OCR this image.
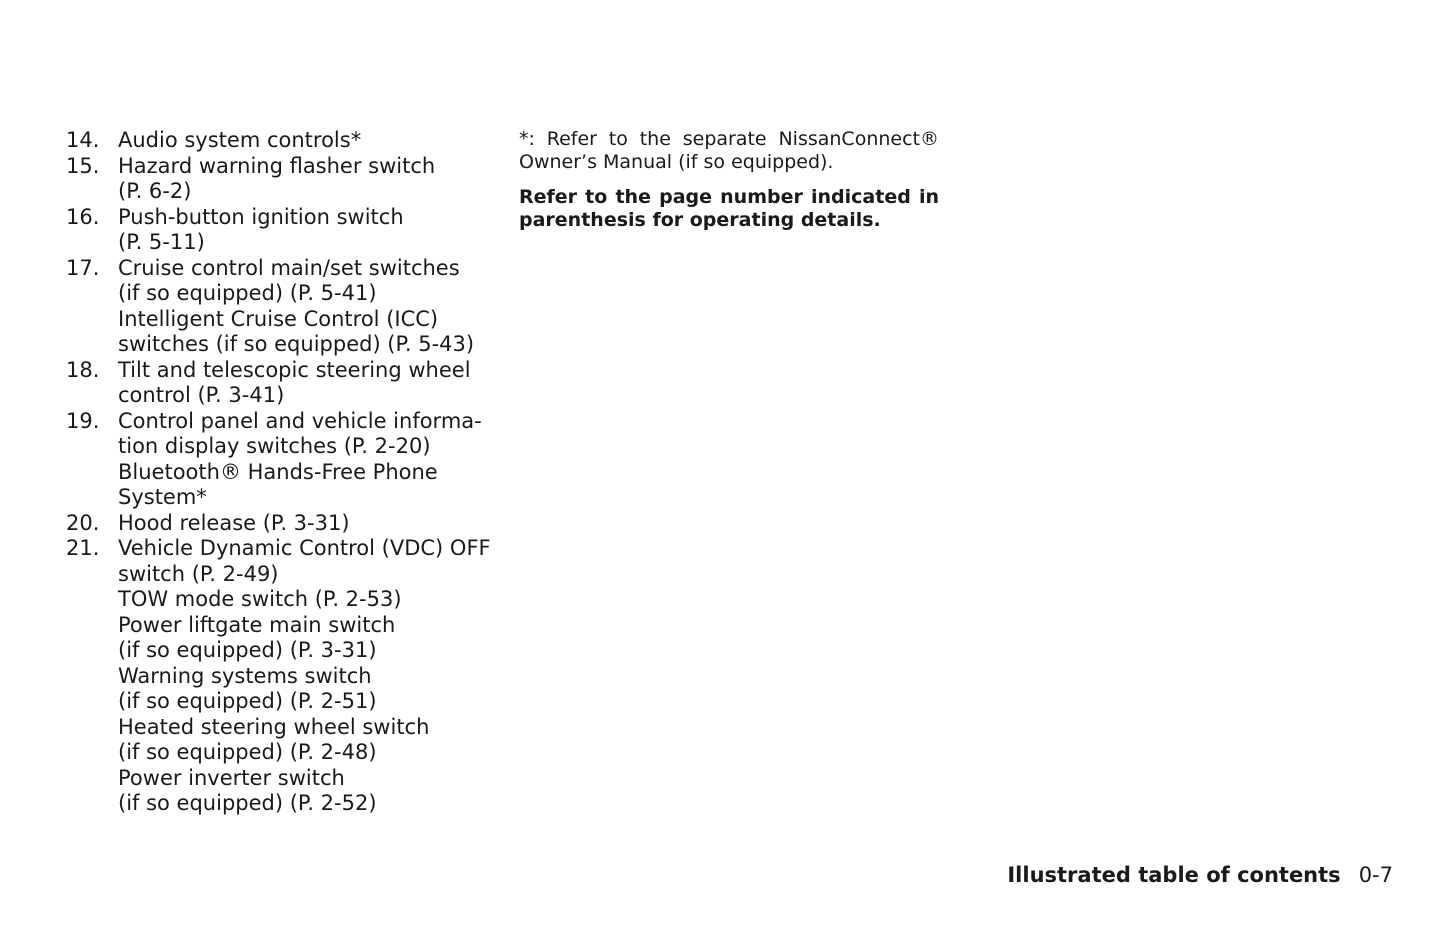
14. Audio system controls*
15. Hazard warning flasher switch
(P. 6-2)
16. Push-button ignition switch
(P. 5-11)
17. Cruise control main/set switches
(if so equipped) (P. 5-41)
Intelligent Cruise Control (ICC)
switches (if so equipped) (P. 5-43)
18. Tilt and telescopic steering wheel
control (P. 3-41)
19. Control panel and vehicle informa-
tion display switches (P. 2-20)
Bluetooth® Hands-Free Phone
System*
20. Hood release (P. 3-31)
21. Vehicle Dynamic Control (VDC) OFF
switch (P. 2-49)
TOW mode switch (P. 2-53)
Power liftgate main switch
(if so equipped) (P. 3-31)
Warning systems switch
(if so equipped) (P. 2-51)
Heated steering wheel switch
(if so equipped) (P. 2-48)
Power inverter switch
(if so equipped) (P. 2-52)

*: Refer to the separate NissanConnect®
Owner’s Manual (if so equipped).

Refer to the page number indicated in
parenthesis for operating details.

Illustrated table of contents 0-7
